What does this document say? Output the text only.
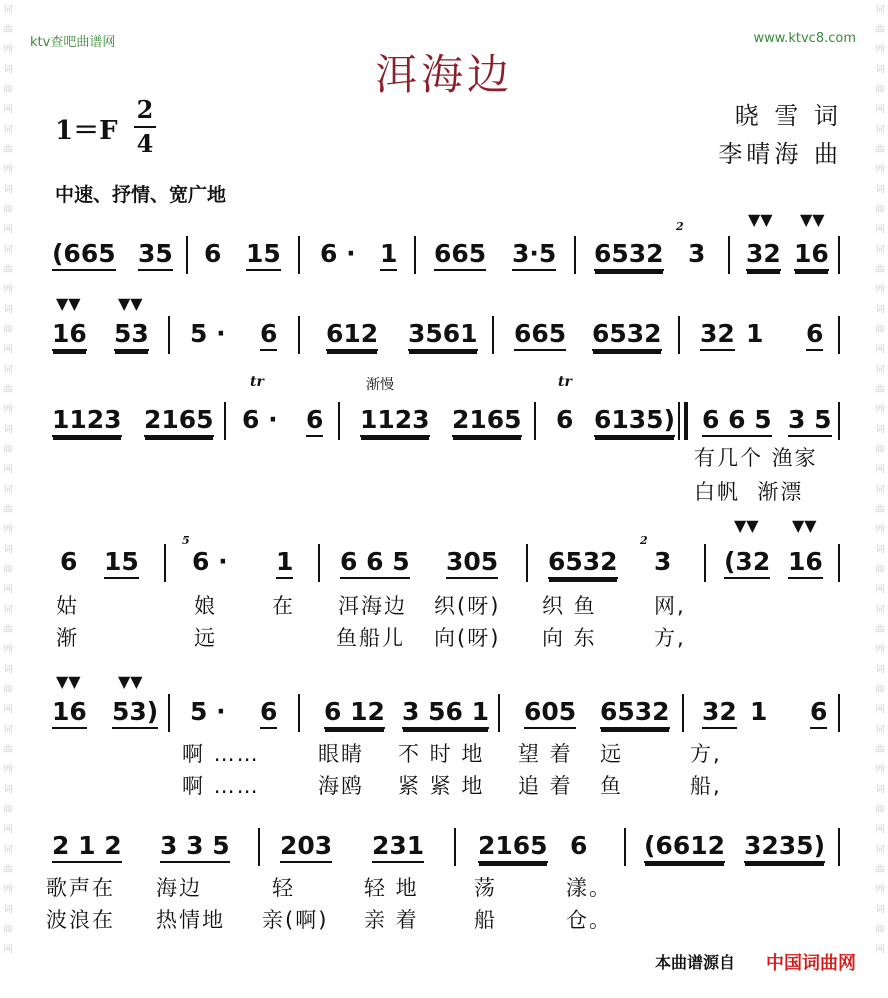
词曲网词曲网词曲网词曲网词曲网词曲网词曲网词曲网词曲网词曲网词曲网词曲网词曲网词曲网词曲网词曲网
词曲网词曲网词曲网词曲网词曲网词曲网词曲网词曲网词曲网词曲网词曲网词曲网词曲网词曲网词曲网词曲网
ktv查吧曲谱网	www.ktvc8.com
洱海边
1＝F
2
4
晓 雪 词
李晴海 曲
中速、抒情、宽广地
(665 35 6 15 6 · 1 665 3·5 6532
2
3
▼▼
32
▼▼
16
▼▼
16
▼▼
53 5 · 6 612 3561 665 6532 32 1 6
tr	渐慢	tr
1123 2165 6 · 6 1123 2165 6 6135) 6 6 5 3 5
有几个 渔家
白帆  渐漂
6 15
5
6 · 1 6 6 5 305 6532
2
3
▼▼
(32
▼▼
16
姑	娘	在 洱海边 织(呀) 织 鱼	网,
渐	远	鱼船儿 向(呀) 向 东	方,
▼▼
16
▼▼
53) 5 · 6 6 12 3 56 1 605 6532 32 1 6
啊 ……	眼睛 不 时 地 望 着 远	方,
啊 ……	海鸥 紧 紧 地 追 着 鱼	船,
2 1 2 3 3 5 203 231 2165 6 (6612 3235)
歌声在 海边	轻	轻 地	荡	漾。
波浪在 热情地 亲(啊) 亲 着	船	仓。
本曲谱源自 中国词曲网
